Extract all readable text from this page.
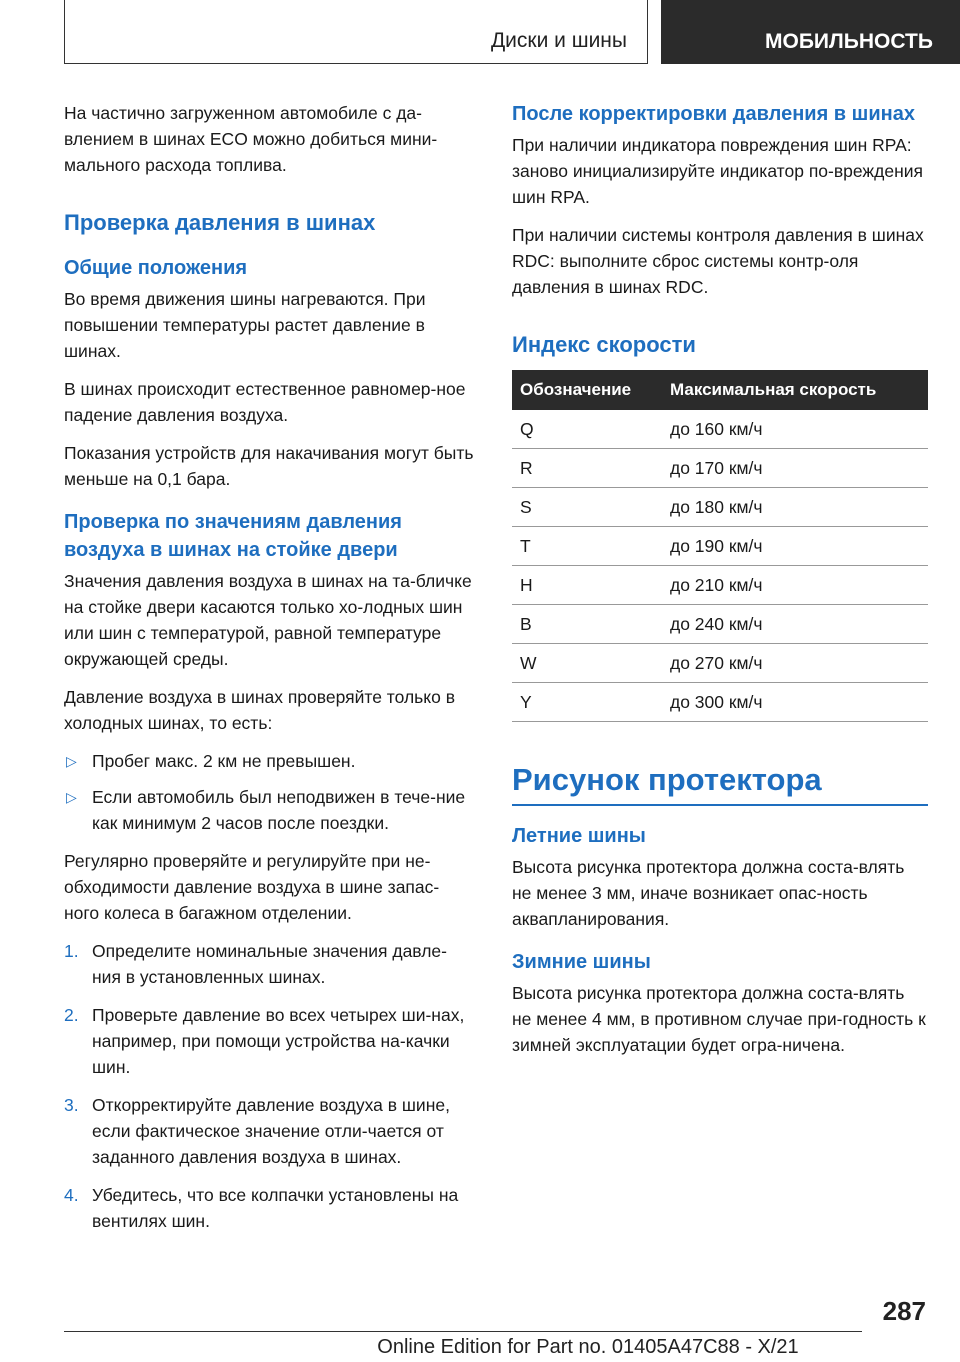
Диски и шины	МОБИЛЬНОСТЬ

На частично загруженном автомобиле с да-влением в шинах ECO можно добиться мини-мального расхода топлива.

Проверка давления в шинах
Общие положения

Во время движения шины нагреваются. При повышении температуры растет давление в шинах.

В шинах происходит естественное равномер-ное падение давления воздуха.

Показания устройств для накачивания могут быть меньше на 0,1 бара.

Проверка по значениям давления воздуха в шинах на стойке двери

Значения давления воздуха в шинах на та-бличке на стойке двери касаются только хо-лодных шин или шин с температурой, равной температуре окружающей среды.

Давление воздуха в шинах проверяйте только в холодных шинах, то есть:

▷ Пробег макс. 2 км не превышен.
▷ Если автомобиль был неподвижен в тече-ние как минимум 2 часов после поездки.

Регулярно проверяйте и регулируйте при не-обходимости давление воздуха в шине запас-ного колеса в багажном отделении.

1. Определите номинальные значения давле-ния в установленных шинах.
2. Проверьте давление во всех четырех ши-нах, например, при помощи устройства на-качки шин.
3. Откорректируйте давление воздуха в шине, если фактическое значение отли-чается от заданного давления воздуха в шинах.
4. Убедитесь, что все колпачки установлены на вентилях шин.
После корректировки давления в шинах

При наличии индикатора повреждения шин RPA: заново инициализируйте индикатор по-вреждения шин RPA.

При наличии системы контроля давления в шинах RDC: выполните сброс системы контр-оля давления в шинах RDC.

Индекс скорости
Обозначение	Максимальная скорость
Q	до 160 км/ч
R	до 170 км/ч
S	до 180 км/ч
T	до 190 км/ч
H	до 210 км/ч
B	до 240 км/ч
W	до 270 км/ч
Y	до 300 км/ч
Рисунок протектора
Летние шины

Высота рисунка протектора должна соста-влять не менее 3 мм, иначе возникает опас-ность аквапланирования.

Зимние шины

Высота рисунка протектора должна соста-влять не менее 4 мм, в противном случае при-годность к зимней эксплуатации будет огра-ничена.

287
Online Edition for Part no. 01405A47C88 - X/21
